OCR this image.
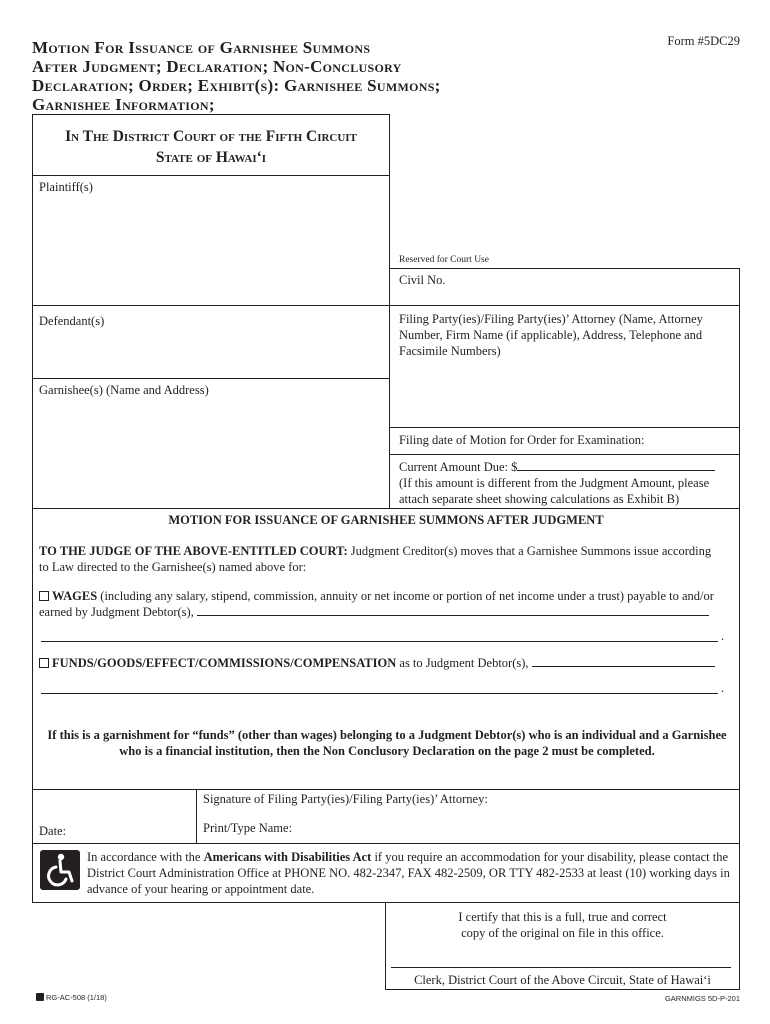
Motion For Issuance of Garnishee Summons
After Judgment; Declaration; Non-Conclusory
Declaration; Order; Exhibit(s): Garnishee Summons;
Garnishee Information;
Form #5DC29
In The District Court of the Fifth Circuit
State of Hawai‘i
Plaintiff(s)
Defendant(s)
Garnishee(s) (Name and Address)
Reserved for Court Use
Civil No.
Filing Party(ies)/Filing Party(ies)’ Attorney (Name, Attorney
Number, Firm Name (if applicable), Address, Telephone and
Facsimile Numbers)
Filing date of Motion for Order for Examination:
Current Amount Due: $
(If this amount is different from the Judgment Amount, please
attach separate sheet showing calculations as Exhibit B)
MOTION FOR ISSUANCE OF GARNISHEE SUMMONS AFTER JUDGMENT
TO THE JUDGE OF THE ABOVE-ENTITLED COURT: Judgment Creditor(s) moves that a Garnishee Summons issue according
to Law directed to the Garnishee(s) named above for:
WAGES (including any salary, stipend, commission, annuity or net income or portion of net income under a trust) payable to and/or
earned by Judgment Debtor(s),
.
FUNDS/GOODS/EFFECT/COMMISSIONS/COMPENSATION as to Judgment Debtor(s),
.
If this is a garnishment for “funds” (other than wages) belonging to a Judgment Debtor(s) who is an individual and a Garnishee
who is a financial institution, then the Non Conclusory Declaration on the page 2 must be completed.
Date:
Signature of Filing Party(ies)/Filing Party(ies)’ Attorney:
Print/Type Name:
In accordance with the Americans with Disabilities Act if you require an accommodation for your disability, please contact the
District Court Administration Office at PHONE NO. 482-2347, FAX 482-2509, OR TTY 482-2533 at least (10) working days in
advance of your hearing or appointment date.
I certify that this is a full, true and correct
copy of the original on file in this office.
Clerk, District Court of the Above Circuit, State of Hawai‘i
RG-AC-508 (1/18)	GARNMIGS 5D-P-201
